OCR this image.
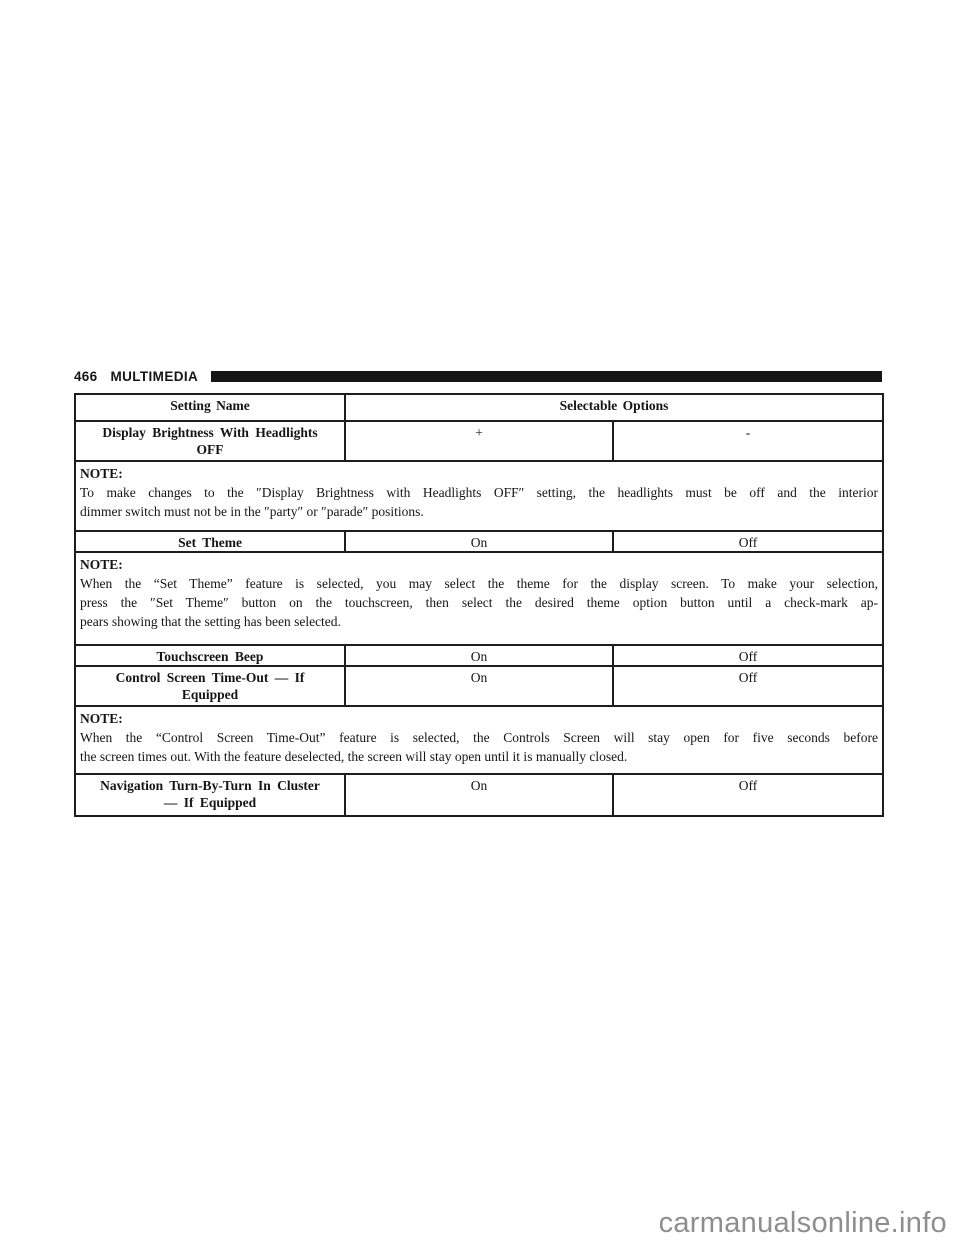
466 MULTIMEDIA
Setting Name	Selectable Options	

Display Brightness With Headlights
OFF	+	-

NOTE:
To make changes to the ″Display Brightness with Headlights OFF″ setting, the headlights must be off and the interior
dimmer switch must not be in the ″party″ or ″parade″ positions.		

Set Theme	On	Off

NOTE:
When the “Set Theme” feature is selected, you may select the theme for the display screen. To make your selection,
press the ″Set Theme″ button on the touchscreen, then select the desired theme option button until a check-mark ap-
pears showing that the setting has been selected.		

Touchscreen Beep	On	Off

Control Screen Time-Out — If
Equipped	On	Off

NOTE:
When the “Control Screen Time-Out” feature is selected, the Controls Screen will stay open for five seconds before
the screen times out. With the feature deselected, the screen will stay open until it is manually closed.		

Navigation Turn-By-Turn In Cluster
— If Equipped	On	Off
carmanualsonline.info
